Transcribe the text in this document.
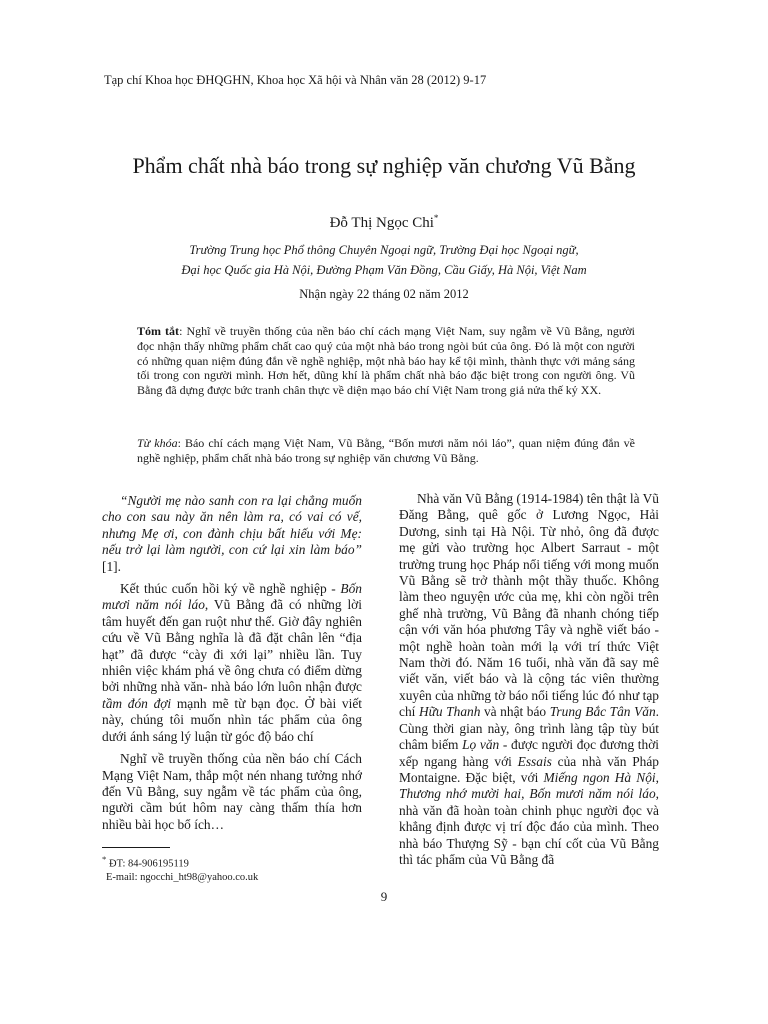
Tạp chí Khoa học ĐHQGHN, Khoa học Xã hội và Nhân văn 28 (2012) 9-17
Phẩm chất nhà báo trong sự nghiệp văn chương Vũ Bằng
Đỗ Thị Ngọc Chi*
Trường Trung học Phổ thông Chuyên Ngoại ngữ, Trường Đại học Ngoại ngữ,
Đại học Quốc gia Hà Nội, Đường Phạm Văn Đồng, Cầu Giấy, Hà Nội, Việt Nam
Nhận ngày 22 tháng 02 năm 2012
Tóm tắt: Nghĩ về truyền thống của nền báo chí cách mạng Việt Nam, suy ngẫm về Vũ Bằng, người đọc nhận thấy những phẩm chất cao quý của một nhà báo trong ngòi bút của ông. Đó là một con người có những quan niệm đúng đắn về nghề nghiệp, một nhà báo hay kể tội mình, thành thực với mảng sáng tối trong con người mình. Hơn hết, dũng khí là phẩm chất nhà báo đặc biệt trong con người ông. Vũ Bằng đã dựng được bức tranh chân thực về diện mạo báo chí Việt Nam trong giả nửa thế kỷ XX.
Từ khóa: Báo chí cách mạng Việt Nam, Vũ Bằng, “Bốn mươi năm nói láo”, quan niệm đúng đắn về nghề nghiệp, phẩm chất nhà báo trong sự nghiệp văn chương Vũ Bằng.

“Người mẹ nào sanh con ra lại chẳng muốn cho con sau này ăn nên làm ra, có vai có vế, nhưng Mẹ ơi, con đành chịu bất hiếu với Mẹ: nếu trở lại làm người, con cứ lại xin làm báo” [1].

Kết thúc cuốn hồi ký về nghề nghiệp - Bốn mươi năm nói láo, Vũ Bằng đã có những lời tâm huyết đến gan ruột như thế. Giờ đây nghiên cứu về Vũ Bằng nghĩa là đã đặt chân lên “địa hạt” đã được “cày đi xới lại” nhiều lần. Tuy nhiên việc khám phá về ông chưa có điểm dừng bởi những nhà văn- nhà báo lớn luôn nhận được tầm đón đợi mạnh mẽ từ bạn đọc. Ở bài viết này, chúng tôi muốn nhìn tác phẩm của ông dưới ánh sáng lý luận từ góc độ báo chí

Nghĩ về truyền thống của nền báo chí Cách Mạng Việt Nam, thắp một nén nhang tưởng nhớ đến Vũ Bằng, suy ngẫm về tác phẩm của ông, người cầm bút hôm nay càng thấm thía hơn nhiều bài học bổ ích…

Nhà văn Vũ Bằng (1914-1984) tên thật là Vũ Đăng Bằng, quê gốc ở Lương Ngọc, Hải Dương, sinh tại Hà Nội. Từ nhỏ, ông đã được mẹ gửi vào trường học Albert Sarraut - một trường trung học Pháp nổi tiếng với mong muốn Vũ Bằng sẽ trở thành một thầy thuốc. Không làm theo nguyện ước của mẹ, khi còn ngồi trên ghế nhà trường, Vũ Bằng đã nhanh chóng tiếp cận với văn hóa phương Tây và nghề viết báo - một nghề hoàn toàn mới lạ với trí thức Việt Nam thời đó. Năm 16 tuổi, nhà văn đã say mê viết văn, viết báo và là cộng tác viên thường xuyên của những tờ báo nổi tiếng lúc đó như tạp chí Hữu Thanh và nhật báo Trung Bắc Tân Văn. Cùng thời gian này, ông trình làng tập tùy bút châm biếm Lọ văn - được người đọc đương thời xếp ngang hàng với Essais của nhà văn Pháp Montaigne. Đặc biệt, với Miếng ngon Hà Nội, Thương nhớ mười hai, Bốn mươi năm nói láo, nhà văn đã hoàn toàn chinh phục người đọc và khẳng định được vị trí độc đáo của mình. Theo nhà báo Thượng Sỹ - bạn chí cốt của Vũ Bằng thì tác phẩm của Vũ Bằng đã

* ĐT: 84-906195119
E-mail: ngocchi_ht98@yahoo.co.uk
9
